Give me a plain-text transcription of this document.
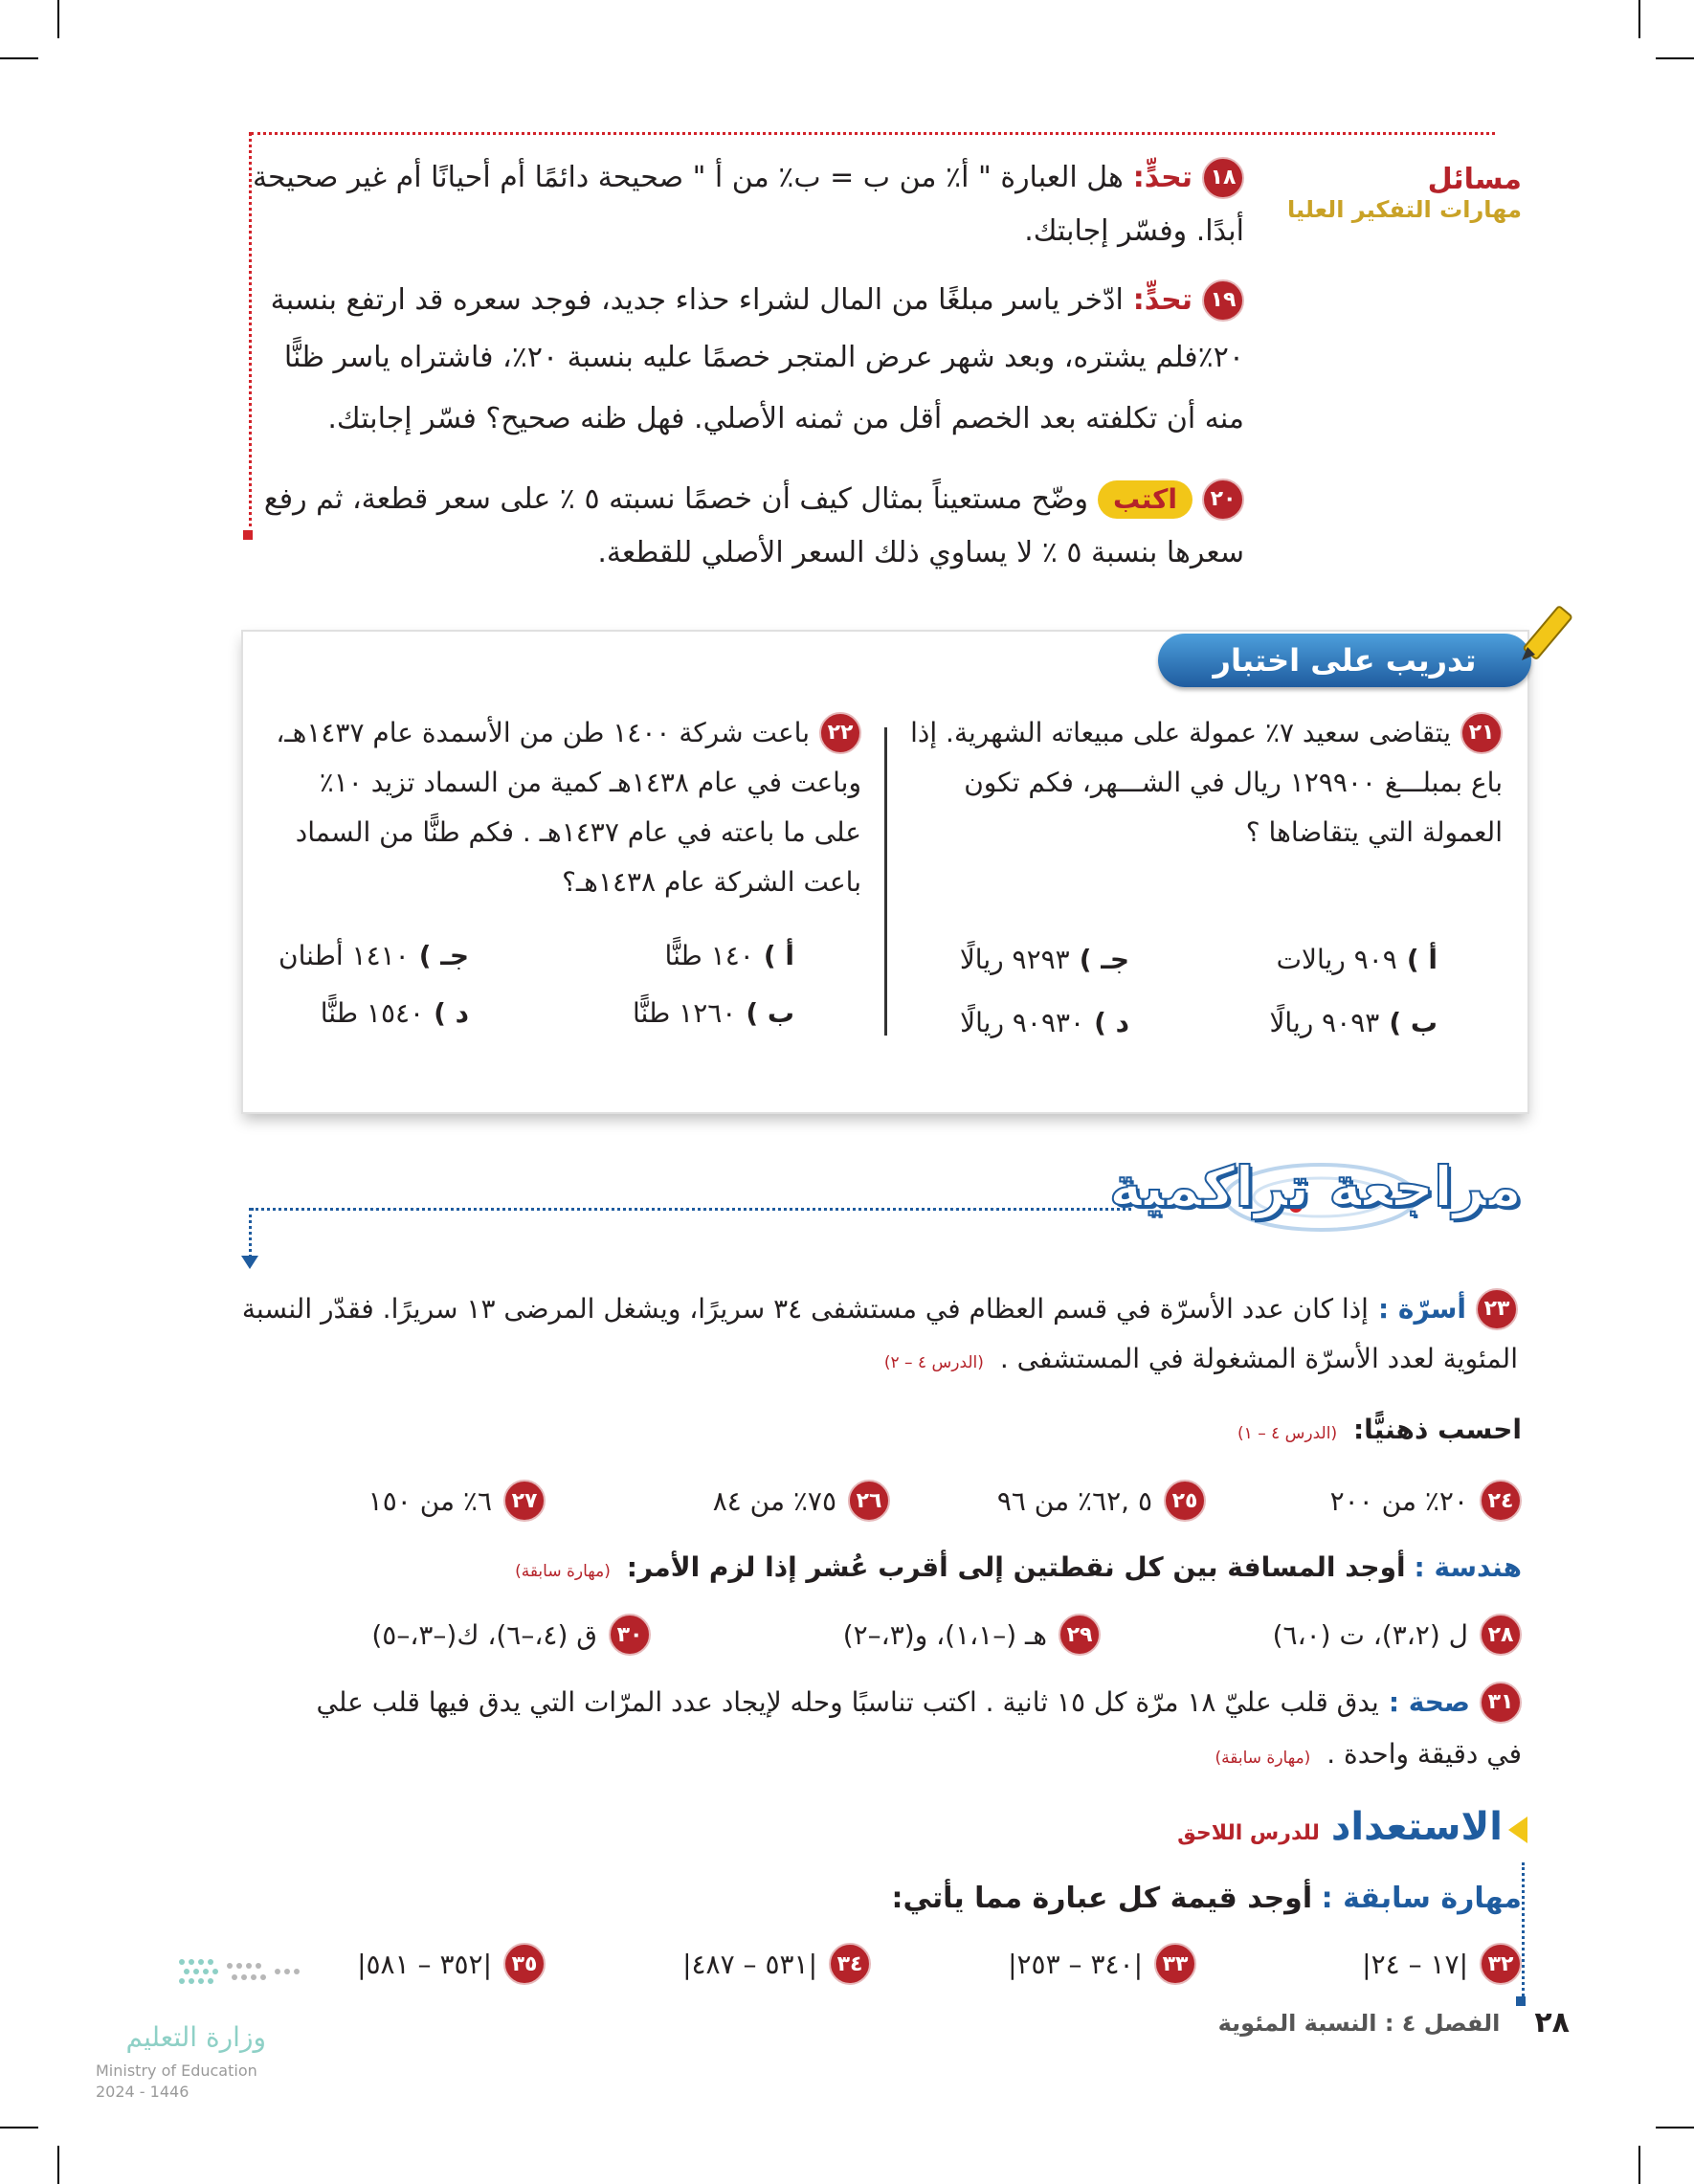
مسائل
مهارات التفكير العليا
١٨
تحدٍّ:
هل العبارة " أ٪ من ب = ب٪ من أ " صحيحة دائمًا أم أحيانًا أم غير صحيحة
أبدًا. وفسّر إجابتك.
١٩
تحدٍّ:
ادّخر ياسر مبلغًا من المال لشراء حذاء جديد، فوجد سعره قد ارتفع بنسبة
٢٠٪فلم يشتره، وبعد شهر عرض المتجر خصمًا عليه بنسبة ٢٠٪، فاشتراه ياسر ظنًّا
منه أن تكلفته بعد الخصم أقل من ثمنه الأصلي. فهل ظنه صحيح؟ فسّر إجابتك.
٢٠
اكتب
وضّح مستعيناً بمثال كيف أن خصمًا نسبته ٥ ٪ على سعر قطعة، ثم رفع
سعرها بنسبة ٥ ٪ لا يساوي ذلك السعر الأصلي للقطعة.
تدريب على اختبار
٢١
يتقاضى سعيد ٧٪ عمولة على مبيعاته الشهرية. إذا
باع بمبلـــغ ١٢٩٩٠٠ ريال في الشـــهر، فكم تكون
العمولة التي يتقاضاها ؟
أ )
٩٠٩ ريالات
جـ )
٩٢٩٣ ريالًا
ب )
٩٠٩٣ ريالًا
د )
٩٠٩٣٠ ريالًا
٢٢
باعت شركة ١٤٠٠ طن من الأسمدة عام ١٤٣٧هـ،
وباعت في عام ١٤٣٨هـ كمية من السماد تزيد ١٠٪
على ما باعته في عام ١٤٣٧هـ . فكم طنًّا من السماد
باعت الشركة عام ١٤٣٨هـ؟
أ )
١٤٠ طنًّا
جـ )
١٤١٠ أطنان
ب )
١٢٦٠ طنًّا
د )
١٥٤٠ طنًّا
مراجعة تراكمية
٢٣
أسرّة :
إذا كان عدد الأسرّة في قسم العظام في مستشفى ٣٤ سريرًا، ويشغل المرضى ١٣ سريرًا. فقدّر النسبة
المئوية لعدد الأسرّة المشغولة في المستشفى . (الدرس ٤ – ٢)
احسب ذهنيًّا: (الدرس ٤ – ١)
٢٤
٢٠٪ من ٢٠٠
٢٥
٥ ,٦٢٪ من ٩٦
٢٦
٧٥٪ من ٨٤
٢٧
٦٪ من ١٥٠
هندسة : أوجد المسافة بين كل نقطتين إلى أقرب عُشر إذا لزم الأمر: (مهارة سابقة)
٢٨
ل (٣،٢)، ت (٦،٠)
٢٩
هـ (–١،١)، و(٣،–٢)
٣٠
ق (٤،–٦)، ك(–٣،–٥)
٣١
صحة :
يدق قلب عليّ ١٨ مرّة كل ١٥ ثانية . اكتب تناسبًا وحله لإيجاد عدد المرّات التي يدق فيها قلب علي
في دقيقة واحدة . (مهارة سابقة)
الاستعداد
للدرس اللاحق
مهارة سابقة : أوجد قيمة كل عبارة مما يأتي:
٣٢
|١٧ – ٢٤|
٣٣
|٣٤٠ – ٢٥٣|
٣٤
|٥٣١ – ٤٨٧|
٣٥
|٣٥٢ – ٥٨١|
٢٨
الفصل ٤ : النسبة المئوية
وزارة التعليم
Ministry of Education
2024 - 1446
